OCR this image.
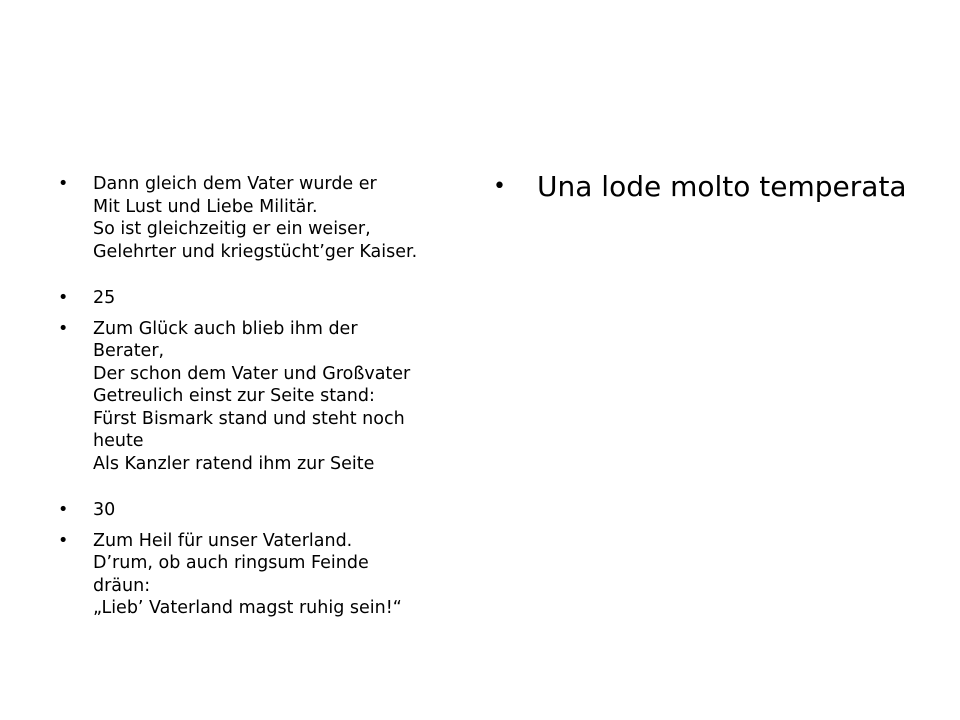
• Dann gleich dem Vater wurde er
Mit Lust und Liebe Militär.
So ist gleichzeitig er ein weiser,
Gelehrter und kriegstücht’ger Kaiser.
• 25
• Zum Glück auch blieb ihm der
Berater,
Der schon dem Vater und Großvater
Getreulich einst zur Seite stand:
Fürst Bismark stand und steht noch
heute
Als Kanzler ratend ihm zur Seite
• 30
• Zum Heil für unser Vaterland.
D’rum, ob auch ringsum Feinde
dräun:
„Lieb’ Vaterland magst ruhig sein!“
• Una lode molto temperata
